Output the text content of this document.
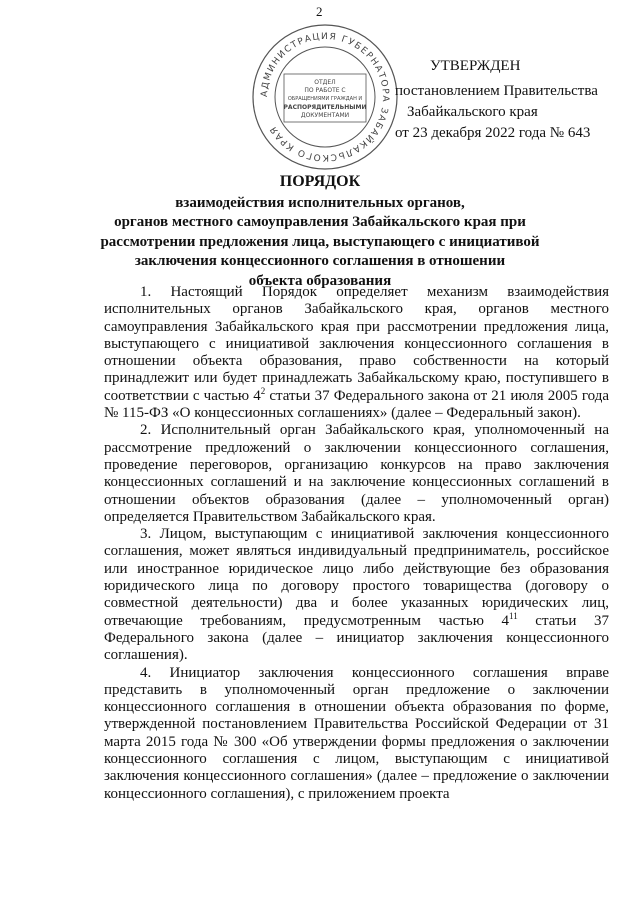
2
АДМИНИСТРАЦИЯ ГУБЕРНАТОРА ЗАБАЙКАЛЬСКОГО КРАЯ
ОТДЕЛ
ПО РАБОТЕ С
ОБРАЩЕНИЯМИ ГРАЖДАН И
РАСПОРЯДИТЕЛЬНЫМИ
ДОКУМЕНТАМИ
УТВЕРЖДЕН
постановлением Правительства
Забайкальского края
от 23 декабря 2022 года № 643
ПОРЯДОК
взаимодействия исполнительных органов,
органов местного самоуправления Забайкальского края при
рассмотрении предложения лица, выступающего с инициативой
заключения концессионного соглашения в отношении
объекта образования

1. Настоящий Порядок определяет механизм взаимодействия исполнительных органов Забайкальского края, органов местного самоуправления Забайкальского края при рассмотрении предложения лица, выступающего с инициативой заключения концессионного соглашения в отношении объекта образования, право собственности на который принадлежит или будет принадлежать Забайкальскому краю, поступившего в соответствии с частью $4^2$ статьи 37 Федерального закона от 21 июля 2005 года № 115-ФЗ «О концессионных соглашениях» (далее – Федеральный закон).

2. Исполнительный орган Забайкальского края, уполномоченный на рассмотрение предложений о заключении концессионного соглашения, проведение переговоров, организацию конкурсов на право заключения концессионных соглашений и на заключение концессионных соглашений в отношении объектов образования (далее – уполномоченный орган) определяется Правительством Забайкальского края.

3. Лицом, выступающим с инициативой заключения концессионного соглашения, может являться индивидуальный предприниматель, российское или иностранное юридическое лицо либо действующие без образования юридического лица по договору простого товарищества (договору о совместной деятельности) два и более указанных юридических лиц, отвечающие требованиям, предусмотренным частью $4^{11}$ статьи 37 Федерального закона (далее – инициатор заключения концессионного соглашения).

4. Инициатор заключения концессионного соглашения вправе представить в уполномоченный орган предложение о заключении концессионного соглашения в отношении объекта образования по форме, утвержденной постановлением Правительства Российской Федерации от 31 марта 2015 года № 300 «Об утверждении формы предложения о заключении концессионного соглашения с лицом, выступающим с инициативой заключения концессионного соглашения» (далее – предложение о заключении концессионного соглашения), с приложением проекта
